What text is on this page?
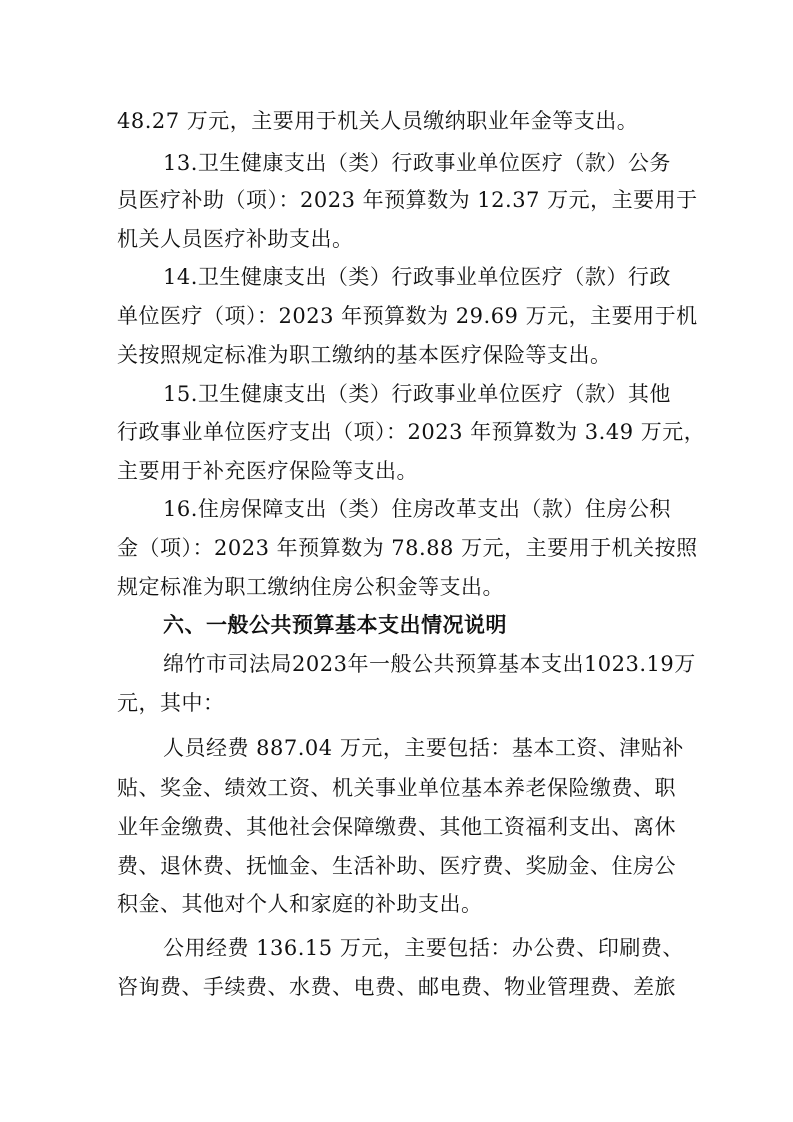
48.27 万元，主要用于机关人员缴纳职业年金等支出。
13.卫生健康支出（类）行政事业单位医疗（款）公务
员医疗补助（项）：2023 年预算数为 12.37 万元，主要用于
机关人员医疗补助支出。
14.卫生健康支出（类）行政事业单位医疗（款）行政
单位医疗（项）：2023 年预算数为 29.69 万元，主要用于机
关按照规定标准为职工缴纳的基本医疗保险等支出。
15.卫生健康支出（类）行政事业单位医疗（款）其他
行政事业单位医疗支出（项）：2023 年预算数为 3.49 万元，
主要用于补充医疗保险等支出。
16.住房保障支出（类）住房改革支出（款）住房公积
金（项）：2023 年预算数为 78.88 万元，主要用于机关按照
规定标准为职工缴纳住房公积金等支出。
六、一般公共预算基本支出情况说明
绵竹市司法局2023年一般公共预算基本支出1023.19万
元，其中：
人员经费 887.04 万元，主要包括：基本工资、津贴补
贴、奖金、绩效工资、机关事业单位基本养老保险缴费、职
业年金缴费、其他社会保障缴费、其他工资福利支出、离休
费、退休费、抚恤金、生活补助、医疗费、奖励金、住房公
积金、其他对个人和家庭的补助支出。
公用经费 136.15 万元，主要包括：办公费、印刷费、
咨询费、手续费、水费、电费、邮电费、物业管理费、差旅
